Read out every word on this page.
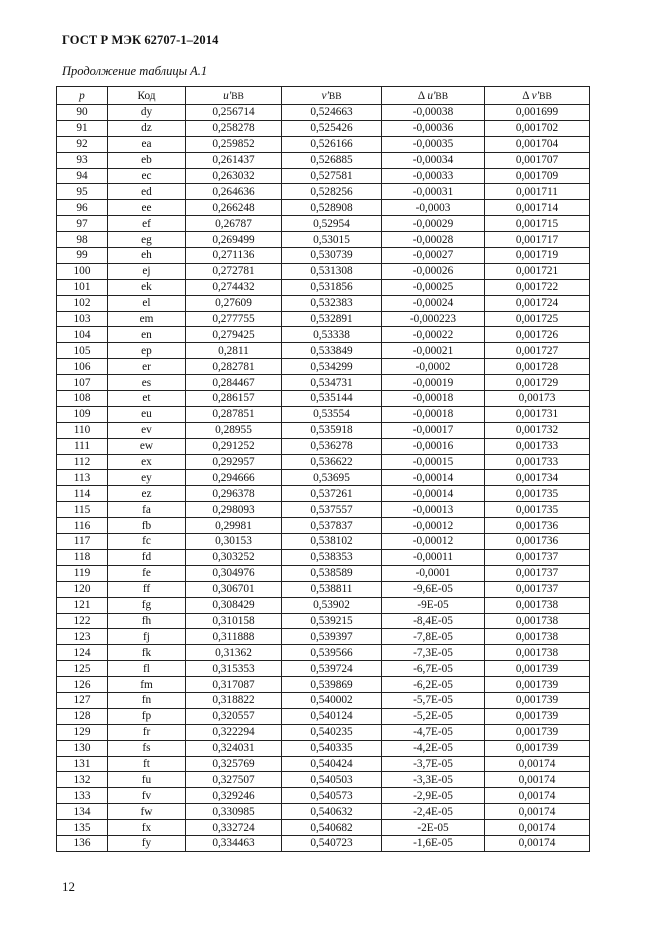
ГОСТ Р МЭК 62707-1–2014
Продолжение таблицы А.1
p	Код	u'BB	v'BB	Δ u'BB	Δ v'BB
90	dy	0,256714	0,524663	-0,00038	0,001699
91	dz	0,258278	0,525426	-0,00036	0,001702
92	ea	0,259852	0,526166	-0,00035	0,001704
93	eb	0,261437	0,526885	-0,00034	0,001707
94	ec	0,263032	0,527581	-0,00033	0,001709
95	ed	0,264636	0,528256	-0,00031	0,001711
96	ee	0,266248	0,528908	-0,0003	0,001714
97	ef	0,26787	0,52954	-0,00029	0,001715
98	eg	0,269499	0,53015	-0,00028	0,001717
99	eh	0,271136	0,530739	-0,00027	0,001719
100	ej	0,272781	0,531308	-0,00026	0,001721
101	ek	0,274432	0,531856	-0,00025	0,001722
102	el	0,27609	0,532383	-0,00024	0,001724
103	em	0,277755	0,532891	-0,000223	0,001725
104	en	0,279425	0,53338	-0,00022	0,001726
105	ep	0,2811	0,533849	-0,00021	0,001727
106	er	0,282781	0,534299	-0,0002	0,001728
107	es	0,284467	0,534731	-0,00019	0,001729
108	et	0,286157	0,535144	-0,00018	0,00173
109	eu	0,287851	0,53554	-0,00018	0,001731
110	ev	0,28955	0,535918	-0,00017	0,001732
111	ew	0,291252	0,536278	-0,00016	0,001733
112	ex	0,292957	0,536622	-0,00015	0,001733
113	ey	0,294666	0,53695	-0,00014	0,001734
114	ez	0,296378	0,537261	-0,00014	0,001735
115	fa	0,298093	0,537557	-0,00013	0,001735
116	fb	0,29981	0,537837	-0,00012	0,001736
117	fc	0,30153	0,538102	-0,00012	0,001736
118	fd	0,303252	0,538353	-0,00011	0,001737
119	fe	0,304976	0,538589	-0,0001	0,001737
120	ff	0,306701	0,538811	-9,6E-05	0,001737
121	fg	0,308429	0,53902	-9E-05	0,001738
122	fh	0,310158	0,539215	-8,4E-05	0,001738
123	fj	0,311888	0,539397	-7,8E-05	0,001738
124	fk	0,31362	0,539566	-7,3E-05	0,001738
125	fl	0,315353	0,539724	-6,7E-05	0,001739
126	fm	0,317087	0,539869	-6,2E-05	0,001739
127	fn	0,318822	0,540002	-5,7E-05	0,001739
128	fp	0,320557	0,540124	-5,2E-05	0,001739
129	fr	0,322294	0,540235	-4,7E-05	0,001739
130	fs	0,324031	0,540335	-4,2E-05	0,001739
131	ft	0,325769	0,540424	-3,7E-05	0,00174
132	fu	0,327507	0,540503	-3,3E-05	0,00174
133	fv	0,329246	0,540573	-2,9E-05	0,00174
134	fw	0,330985	0,540632	-2,4E-05	0,00174
135	fx	0,332724	0,540682	-2E-05	0,00174
136	fy	0,334463	0,540723	-1,6E-05	0,00174
12
